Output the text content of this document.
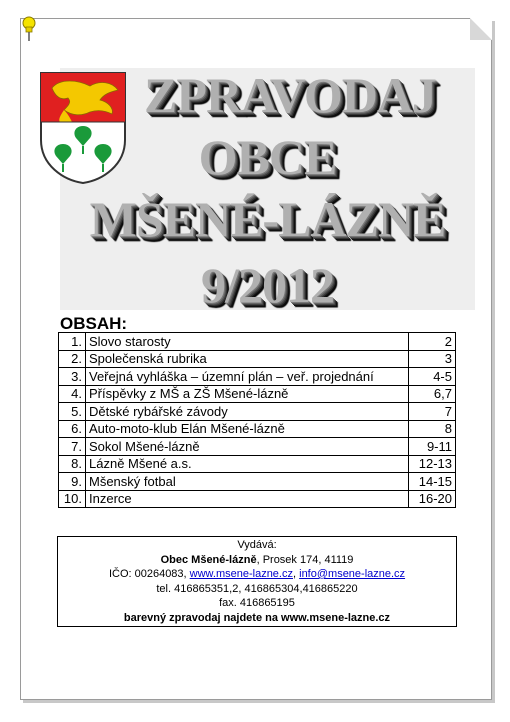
ZPRAVODAJ
OBCE
MŠENÉ-LÁZNĚ
9/2012
OBSAH:
1.	Slovo starosty	2
2.	Společenská rubrika	3
3.	Veřejná vyhláška – územní plán – veř. projednání	4-5
4.	Příspěvky z MŠ a ZŠ Mšené-lázně	6,7
5.	Dětské rybářské závody	7
6.	Auto-moto-klub Elán Mšené-lázně	8
7.	Sokol Mšené-lázně	9-11
8.	Lázně Mšené a.s.	12-13
9.	Mšenský fotbal	14-15
10.	Inzerce	16-20
Vydává:
Obec Mšené-lázně, Prosek 174, 41119
IČO: 00264083, www.msene-lazne.cz, info@msene-lazne.cz
tel. 416865351,2, 416865304,416865220
fax. 416865195
barevný zpravodaj najdete na www.msene-lazne.cz
